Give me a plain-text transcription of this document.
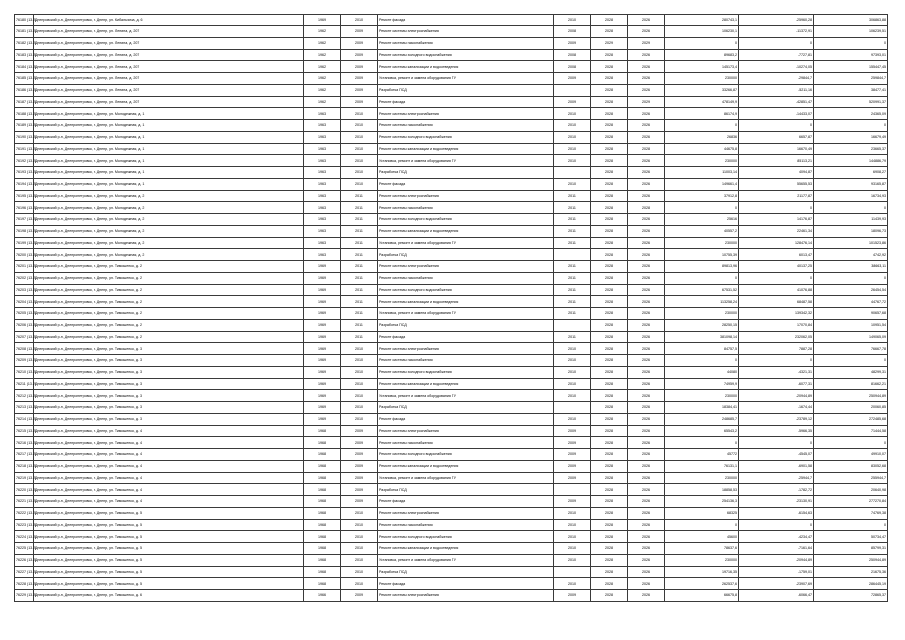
76180 (13.2)	Днепровский р-н, Днепропетровск, г. Днепр, ул. Кибальчича, д. 6	1969	2010	Ремонт фасада	2010	2028	2026	280743,1	-25960,28	306863,88
76181 (13.2)	Днепровский р-н, Днепропетровск, г. Днепр, ул. Ленина, д. 207	1962	2009	Ремонт системы электроснабжения	2008	2028	2026	106230,1	-11372,91	106239,51
76182 (13.2)	Днепровский р-н, Днепропетровск, г. Днепр, ул. Ленина, д. 207	1962	2009	Ремонт системы газоснабжения	2009	2029	2029	0	0	0
76183 (13.2)	Днепровский р-н, Днепропетровск, г. Днепр, ул. Ленина, д. 207	1962	2009	Ремонт системы холодного водоснабжения	2008	2028	2026	89683,2	-7727,81	97393,01
76184 (13.2)	Днепровский р-н, Днепропетровск, г. Днепр, ул. Ленина, д. 207	1962	2009	Ремонт системы канализации и водоотведения	2008	2028	2026	145173,4	-10274,05	155447,45
76185 (13.2)	Днепровский р-н, Днепропетровск, г. Днепр, ул. Ленина, д. 207	1962	2009	Установка, ремонт и замена оборудования ГУ	2009	2028	2026	230000	-29844,7	259844,7
76186 (13.2)	Днепровский р-н, Днепропетровск, г. Днепр, ул. Ленина, д. 207	1962	2009	Разработка ПСД		2028	2026	33266,87	-5211,16	38477,41
76187 (13.2)	Днепровский р-н, Днепропетровск, г. Днепр, ул. Ленина, д. 207	1962	2009	Ремонт фасада	2009	2028	2029	478149,9	-42851,47	520991,37
76188 (13.2)	Днепровский р-н, Днепропетровск, г. Днепр, ул. Молодежная, д. 1	1963	2010	Ремонт системы электроснабжения	2010	2028	2026	86174,9	-14433,07	24365,09
76189 (13.2)	Днепровский р-н, Днепропетровск, г. Днепр, ул. Молодежная, д. 1	1963	2010	Ремонт системы газоснабжения	2010	2028	2026	0	0	0
76190 (13.2)	Днепровский р-н, Днепропетровск, г. Днепр, ул. Молодежная, д. 1	1963	2010	Ремонт системы холодного водоснабжения	2010	2028	2026	26836	6657,87	16679,49
76191 (13.2)	Днепровский р-н, Днепропетровск, г. Днепр, ул. Молодежная, д. 1	1963	2010	Ремонт системы канализации и водоотведения	2010	2028	2028	44675,8	16670,49	23665,37
76192 (13.2)	Днепровский р-н, Днепропетровск, г. Днепр, ул. Молодежная, д. 1	1963	2010	Установка, ремонт и замена оборудования ГУ	2010	2028	2026	230000	85113,21	144886,79
76193 (13.2)	Днепровский р-н, Днепропетровск, г. Днепр, ул. Молодежная, д. 1	1963	2010	Разработка ПСД		2028	2026	11003,14	4094,87	6908,27
76194 (13.2)	Днепровский р-н, Днепропетровск, г. Днепр, ул. Молодежная, д. 1	1963	2010	Ремонт фасада	2010	2028	2026	149661,4	55655,53	93165,87
76195 (13.2)	Днепровский р-н, Днепропетровск, г. Днепр, ул. Молодежная, д. 2	1963	2011	Ремонт системы электроснабжения	2011	2028	2026	37912,8	21177,87	16734,93
76196 (13.2)	Днепровский р-н, Днепропетровск, г. Днепр, ул. Молодежная, д. 2	1963	2011	Ремонт системы газоснабжения	2011	2028	2028	0	0	0
76197 (13.2)	Днепровский р-н, Днепропетровск, г. Днепр, ул. Молодежная, д. 2	1963	2011	Ремонт системы холодного водоснабжения	2011	2028	2026	25616	14176,87	11439,93
76198 (13.2)	Днепровский р-н, Днепропетровск, г. Днепр, ул. Молодежная, д. 2	1963	2011	Ремонт системы канализации и водоотведения	2011	2028	2026	40557,2	22461,34	18096,73
76199 (13.2)	Днепровский р-н, Днепропетровск, г. Днепр, ул. Молодежная, д. 2	1963	2011	Установка, ремонт и замена оборудования ГУ	2011	2028	2026	230000	128476,14	101523,86
76200 (13.2)	Днепровский р-н, Днепропетровск, г. Днепр, ул. Молодежная, д. 2	1963	2011	Разработка ПСД		2028	2026	10755,39	6013,47	4742,92
76201 (13.2)	Днепровский р-н, Днепропетровск, г. Днепр, ул. Тимошенко, д. 2	1969	2011	Ремонт системы электроснабжения	2011	2028	2026	89813,96	40137,25	38663,11
76202 (13.2)	Днепровский р-н, Днепропетровск, г. Днепр, ул. Тимошенко, д. 2	1969	2011	Ремонт системы газоснабжения	2011	2028	2026	0	0	0
76203 (13.2)	Днепровский р-н, Днепропетровск, г. Днепр, ул. Тимошенко, д. 2	1969	2011	Ремонт системы холодного водоснабжения	2011	2028	2026	67531,52	41076,88	26454,54
76204 (13.2)	Днепровский р-н, Днепропетровск, г. Днепр, ул. Тимошенко, д. 2	1969	2011	Ремонт системы канализации и водоотведения	2011	2028	2026	113258,24	68487,58	44767,72
76205 (13.2)	Днепровский р-н, Днепропетровск, г. Днепр, ул. Тимошенко, д. 2	1969	2011	Установка, ремонт и замена оборудования ГУ	2011	2028	2026	230000	139342,32	90657,68
76206 (13.2)	Днепровский р-н, Днепропетровск, г. Днепр, ул. Тимошенко, д. 2	1969	2011	Разработка ПСД		2028	2026	28250,15	17070,84	10951,54
76207 (13.2)	Днепровский р-н, Днепропетровск, г. Днепр, ул. Тимошенко, д. 2	1969	2011	Ремонт фасада	2011	2028	2026	381098,14	232062,05	149065,09
76208 (13.2)	Днепровский р-н, Днепропетровск, г. Днепр, ул. Тимошенко, д. 3	1969	2010	Ремонт системы электроснабжения	2010	2028	2026	84757,5	7887,28	76667,78
76209 (13.2)	Днепровский р-н, Днепропетровск, г. Днепр, ул. Тимошенко, д. 3	1969	2010	Ремонт системы газоснабжения	2010	2028	2026	0	0	0
76210 (13.2)	Днепровский р-н, Днепропетровск, г. Днепр, ул. Тимошенко, д. 3	1969	2010	Ремонт системы холодного водоснабжения	2010	2028	2026	44080	-4321,31	48299,31
76211 (13.2)	Днепровский р-н, Днепропетровск, г. Днепр, ул. Тимошенко, д. 3	1969	2010	Ремонт системы канализации и водоотведения	2010	2028	2026	74959,9	-6077,31	81662,21
76212 (13.2)	Днепровский р-н, Днепропетровск, г. Днепр, ул. Тимошенко, д. 3	1969	2010	Установка, ремонт и замена оборудования ГУ	2010	2028	2026	230000	-20944,89	250944,89
76213 (13.2)	Днепровский р-н, Днепропетровск, г. Днепр, ул. Тимошенко, д. 3	1969	2010	Разработка ПСД		2028	2026	18384,41	-1674,44	20060,85
76214 (13.2)	Днепровский р-н, Днепропетровск, г. Днепр, ул. Тимошенко, д. 3	1969	2010	Ремонт фасада	2010	2028	2026	248685,7	-23789,12	272485,68
76215 (13.2)	Днепровский р-н, Днепропетровск, г. Днепр, ул. Тимошенко, д. 4	1968	2009	Ремонт системы электроснабжения	2009	2028	2026	65543,2	-5966,35	71444,58
76216 (13.2)	Днепровский р-н, Днепропетровск, г. Днепр, ул. Тимошенко, д. 4	1968	2009	Ремонт системы газоснабжения	2009	2028	2026	0	0	0
76217 (13.2)	Днепровский р-н, Днепропетровск, г. Днепр, ул. Тимошенко, д. 4	1968	2009	Ремонт системы холодного водоснабжения	2009	2028	2026	45772	-4545,07	49910,07
76218 (13.2)	Днепровский р-н, Днепропетровск, г. Днепр, ул. Тимошенко, д. 4	1968	2009	Ремонт системы канализации и водоотведения	2009	2028	2026	76131,1	-6901,58	83052,68
76219 (13.2)	Днепровский р-н, Днепропетровск, г. Днепр, ул. Тимошенко, д. 4	1968	2009	Установка, ремонт и замена оборудования ГУ	2009	2028	2026	230000	-25944,7	255944,7
76220 (13.2)	Днепровский р-н, Днепропетровск, г. Днепр, ул. Тимошенко, д. 4	1968	2009	Разработка ПСД		2028	2026	18858,53	-1782,72	20640,98
76221 (13.2)	Днепровский р-н, Днепропетровск, г. Днепр, ул. Тимошенко, д. 4	1968	2009	Ремонт фасада	2009	2028	2026	254136,3	-23130,91	277270,84
76222 (13.2)	Днепровский р-н, Днепропетровск, г. Днепр, ул. Тимошенко, д. 5	1968	2010	Ремонт системы электроснабжения	2010	2028	2026	68325	-6154,63	74769,38
76223 (13.2)	Днепровский р-н, Днепропетровск, г. Днепр, ул. Тимошенко, д. 5	1968	2010	Ремонт системы газоснабжения	2010	2028	2026	0	0	0
76224 (13.2)	Днепровский р-н, Днепропетровск, г. Днепр, ул. Тимошенко, д. 5	1968	2010	Ремонт системы холодного водоснабжения	2010	2028	2026	45600	-4234,47	50734,47
76225 (13.2)	Днепровский р-н, Днепропетровск, г. Днепр, ул. Тимошенко, д. 5	1968	2010	Ремонт системы канализации и водоотведения	2010	2028	2026	78637,6	-7161,64	85799,31
76226 (13.2)	Днепровский р-н, Днепропетровск, г. Днепр, ул. Тимошенко, д. 5	1968	2010	Установка, ремонт и замена оборудования ГУ	2010	2028	2026	230000	-20944,89	250944,89
76227 (13.2)	Днепровский р-н, Днепропетровск, г. Днепр, ул. Тимошенко, д. 5	1968	2010	Разработка ПСД		2028	2026	19716,35	-1759,01	21675,36
76228 (13.2)	Днепровский р-н, Днепропетровск, г. Днепр, ул. Тимошенко, д. 5	1968	2010	Ремонт фасада	2010	2028	2026	262537,6	-23907,69	286445,19
76229 (13.2)	Днепровский р-н, Днепропетровск, г. Днепр, ул. Тимошенко, д. 6	1966	2009	Ремонт системы электроснабжения	2009	2028	2026	66675,8	-6066,47	72865,37
